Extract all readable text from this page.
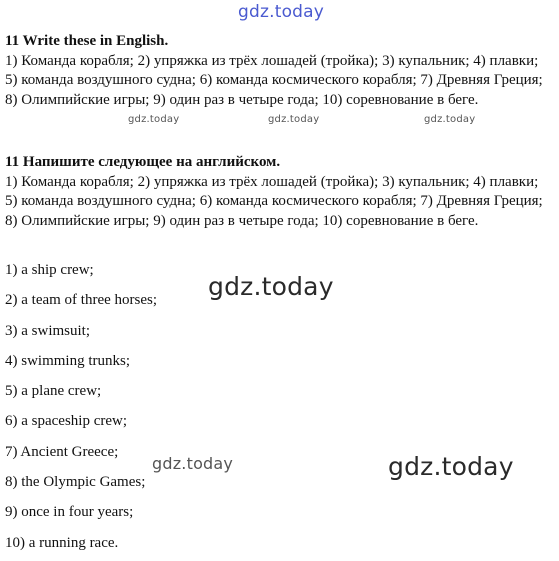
gdz.today
11 Write these in English.
1) Команда корабля; 2) упряжка из трёх лошадей (тройка); 3) купальник; 4) плавки; 5) команда воздушного судна; 6) команда космического корабля; 7) Древняя Греция; 8) Олимпийские игры; 9) один раз в четыре года; 10) соревнование в беге.
gdz.today	gdz.today	gdz.today
11 Напишите следующее на английском.
1) Команда корабля; 2) упряжка из трёх лошадей (тройка); 3) купальник; 4) плавки; 5) команда воздушного судна; 6) команда космического корабля; 7) Древняя Греция; 8) Олимпийские игры; 9) один раз в четыре года; 10) соревнование в беге.
1) a ship crew;
2) a team of three horses;
3) a swimsuit;
4) swimming trunks;
5) a plane crew;
6) a spaceship crew;
7) Ancient Greece;
8) the Olympic Games;
9) once in four years;
10) a running race.
gdz.today
gdz.today	gdz.today
